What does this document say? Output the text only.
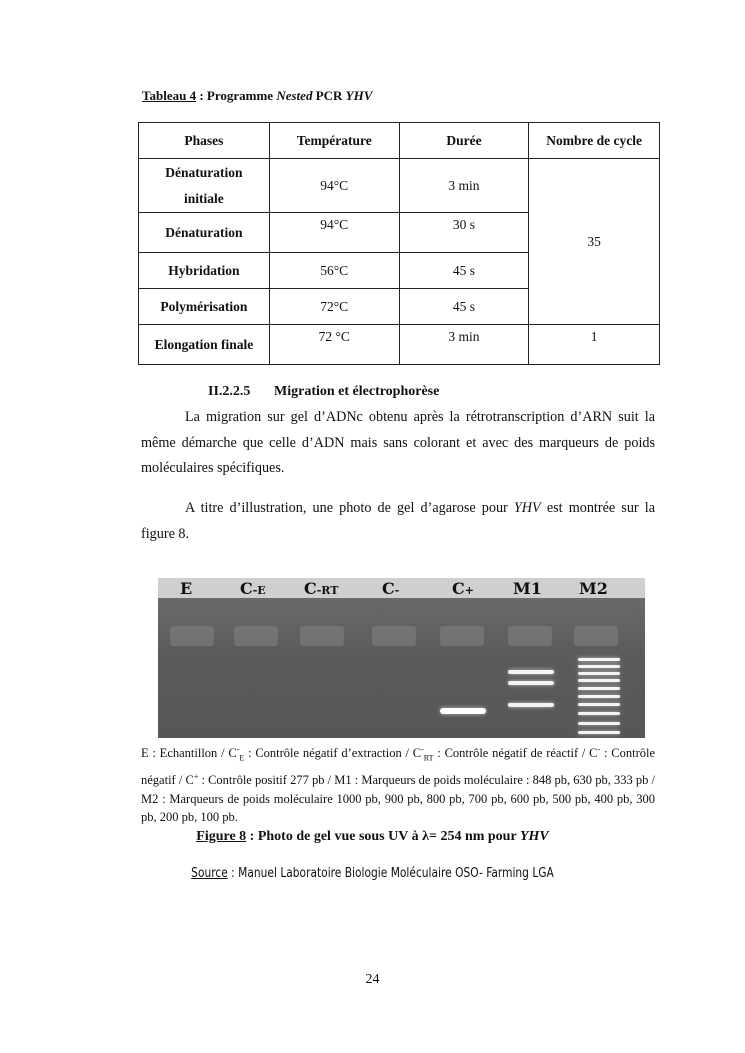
Tableau 4 : Programme Nested PCR YHV
Phases	Température	Durée	Nombre de cycle

Dénaturation
initiale	94°C	3 min	35
Dénaturation	94°C	30 s	
Hybridation	56°C	45 s	
Polymérisation	72°C	45 s	
Elongation finale	72 °C	3 min	1
II.2.2.5 Migration et électrophorèse
La migration sur gel d’ADNc obtenu après la rétrotranscription d’ARN suit la même démarche que celle d’ADN mais sans colorant et avec des marqueurs de poids moléculaires spécifiques.
A titre d’illustration, une photo de gel d’agarose pour YHV est montrée sur la figure 8.
E	C-E C-RT	C-	C+ M1 M2
E : Echantillon / $C^-_E$ : Contrôle négatif d’extraction / $C^-_{RT}$ : Contrôle négatif de réactif / C- : Contrôle négatif / C+ : Contrôle positif 277 pb / M1 : Marqueurs de poids moléculaire : 848 pb, 630 pb, 333 pb / M2 : Marqueurs de poids moléculaire 1000 pb, 900 pb, 800 pb, 700 pb, 600 pb, 500 pb, 400 pb, 300 pb, 200 pb, 100 pb.
Figure 8 : Photo de gel vue sous UV à λ= 254 nm pour YHV
Source : Manuel Laboratoire Biologie Moléculaire OSO- Farming LGA
24
